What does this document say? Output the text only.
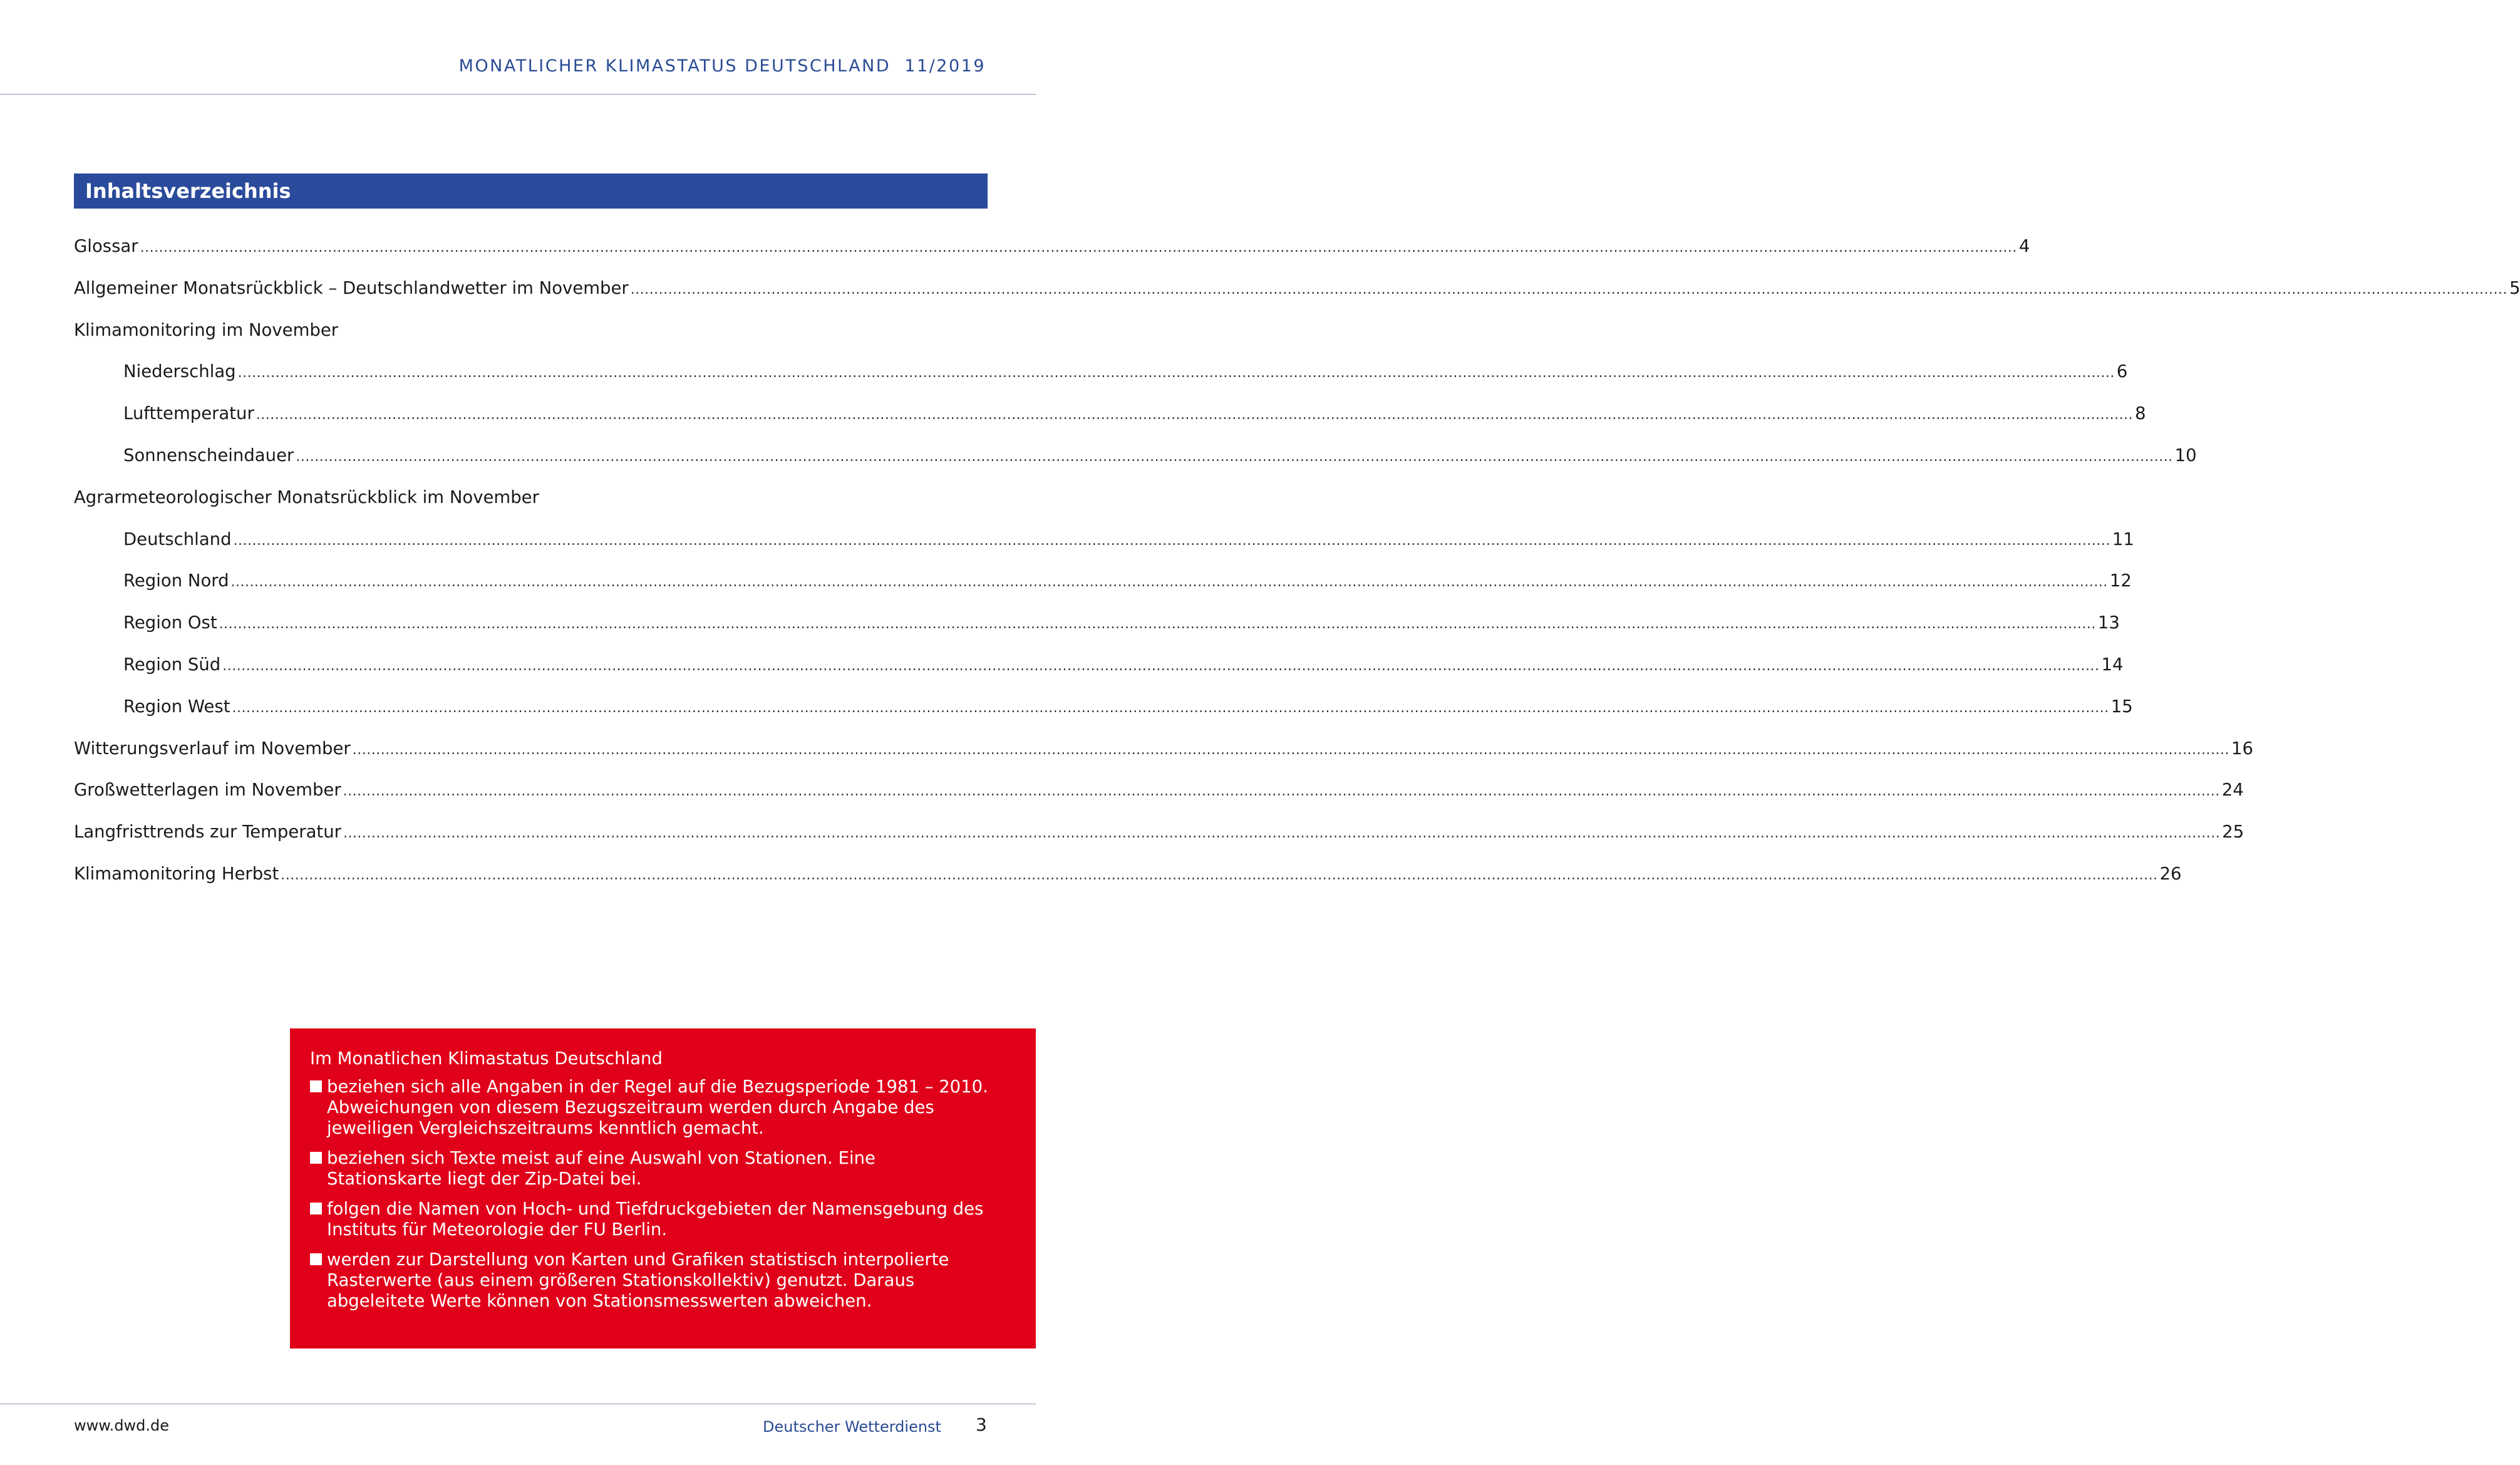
MONATLICHER KLIMASTATUS DEUTSCHLAND  11/2019
Inhaltsverzeichnis
Glossar ................................................................................................................................................................................................................................................................................................................................................................................................................ 4
Allgemeiner Monatsrückblick – Deutschlandwetter im November ................................................................................................................................................................................................................................................................................................................................................................................................................ 5
Klimamonitoring im November
Niederschlag ................................................................................................................................................................................................................................................................................................................................................................................................................ 6
Lufttemperatur ................................................................................................................................................................................................................................................................................................................................................................................................................ 8
Sonnenscheindauer ................................................................................................................................................................................................................................................................................................................................................................................................................ 10
Agrarmeteorologischer Monatsrückblick im November
Deutschland ................................................................................................................................................................................................................................................................................................................................................................................................................ 11
Region Nord ................................................................................................................................................................................................................................................................................................................................................................................................................ 12
Region Ost ................................................................................................................................................................................................................................................................................................................................................................................................................ 13
Region Süd ................................................................................................................................................................................................................................................................................................................................................................................................................ 14
Region West ................................................................................................................................................................................................................................................................................................................................................................................................................ 15
Witterungsverlauf im November ................................................................................................................................................................................................................................................................................................................................................................................................................ 16
Großwetterlagen im November ................................................................................................................................................................................................................................................................................................................................................................................................................ 24
Langfristtrends zur Temperatur ................................................................................................................................................................................................................................................................................................................................................................................................................ 25
Klimamonitoring Herbst ................................................................................................................................................................................................................................................................................................................................................................................................................ 26
Im Monatlichen Klimastatus Deutschland
beziehen sich alle Angaben in der Regel auf die Bezugsperiode 1981 – 2010. Abweichungen von diesem Bezugszeitraum werden durch Angabe des jeweiligen Vergleichszeitraums kenntlich gemacht.
beziehen sich Texte meist auf eine Auswahl von Stationen. Eine Stationskarte liegt der Zip-Datei bei.
folgen die Namen von Hoch- und Tiefdruckgebieten der Namensgebung des Instituts für Meteorologie der FU Berlin.
werden zur Darstellung von Karten und Grafiken statistisch interpolierte Rasterwerte (aus einem größeren Stationskollektiv) genutzt. Daraus abgeleitete Werte können von Stationsmesswerten abweichen.
www.dwd.de	Deutscher Wetterdienst 3
